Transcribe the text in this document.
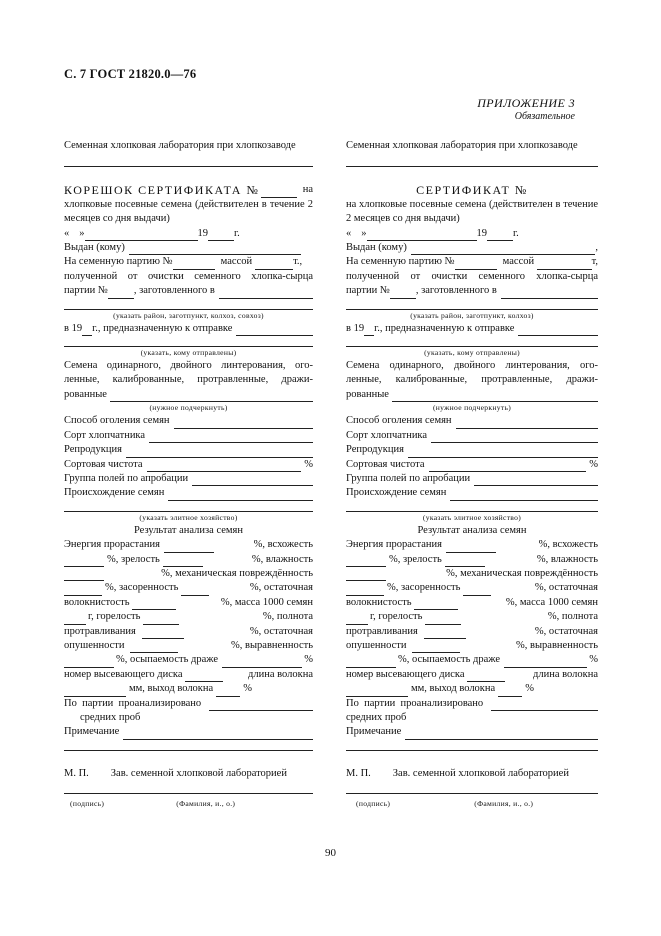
С. 7 ГОСТ 21820.0—76
ПРИЛОЖЕНИЕ 3
Обязательное

Семенная хлопковая лаборатория при хлопкозаводе

КОРЕШОК СЕРТИФИКАТА №	на

хлопковые посевные семена (действителен в течение 2 месяцев со дня выдачи)

« »	19 г.
Выдан (кому)
На семенную партию №	массой	т.,

полученной от очистки семенного хлопка-сырца

партии № , заготовленного в
(указать район, заготпункт, колхоз, совхоз)
в 19 г., предназначенную к отправке
(указать, кому отправлены)

Семена одинарного, двойного линтерования, ого-

ленные, калиброванные, протравленные, дражи-

рованные
(нужное подчеркнуть)
Способ оголения семян
Сорт хлопчатника
Репродукция
Сортовая чистота	%
Группа полей по апробации
Происхождение семян
(указать элитное хозяйство)

Результат анализа семян

Энергия прорастания	%, всхожесть
%, зрелость	%, влажность
%, механическая повреждённость
%, засоренность	%, остаточная
волокнистость	%, масса 1000 семян
г, горелость	%, полнота
протравливания	%, остаточная
опушенности	%, выравненность
%, осыпаемость драже	%
номер высевающего диска	длина волокна
мм, выход волокна	%
По  партии  проанализировано

средних проб

Примечание
М. П. Зав. семенной хлопковой лабораторией
(подпись)	(Фамилия, и., о.)

Семенная хлопковая лаборатория при хлопкозаводе

СЕРТИФИКАТ №

на хлопковые посевные семена (действителен в течение 2 месяцев со дня выдачи)

« »	19 г.
Выдан (кому)	,
На семенную партию №	массой	т,

полученной от очистки семенного хлопка-сырца

партии № , заготовленного в
(указать район, заготпункт, колхоз)
в 19 г., предназначенную к отправке
(указать, кому отправлены)

Семена одинарного, двойного линтерования, ого-

ленные, калиброванные, протравленные, дражи-

рованные
(нужное подчеркнуть)
Способ оголения семян
Сорт хлопчатника
Репродукция
Сортовая чистота	%
Группа полей по апробации
Происхождение семян
(указать элитное хозяйство)

Результат анализа семян

Энергия прорастания	%, всхожесть
%, зрелость	%, влажность
%, механическая повреждённость
%, засоренность	%, остаточная
волокнистость	%, масса 1000 семян
г, горелость	%, полнота
протравливания	%, остаточная
опушенности	%, выравненность
%, осыпаемость драже	%
номер высевающего диска	длина волокна
мм, выход волокна	%
По  партии  проанализировано

средних проб

Примечание
М. П. Зав. семенной хлопковой лабораторией
(подпись)	(Фамилия, и., о.)
90
